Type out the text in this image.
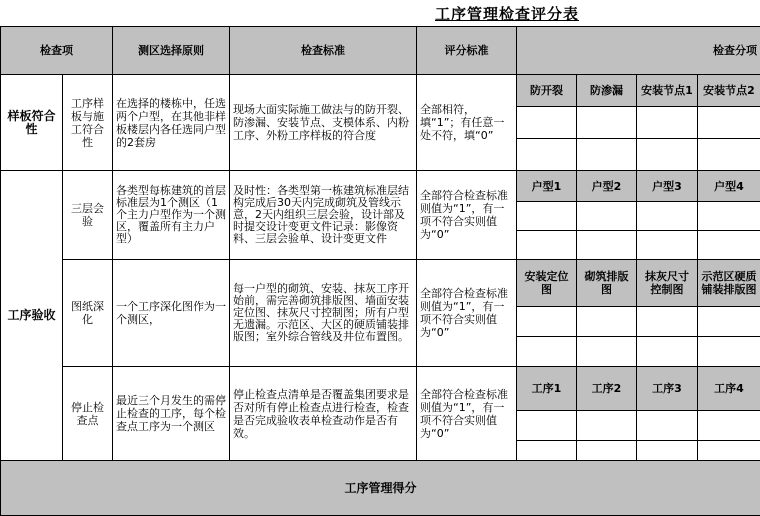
工序管理检查评分表
检查项		测区选择原则	检查标准	评分标准	检查分项			
样板符合性	工序样板与施工符合性	在选择的楼栋中，任选两个户型，在其他非样板楼层内各任选同户型的2套房	现场大面实际施工做法与的防开裂、防渗漏、安装节点、支模体系、内粉工序、外粉工序样板的符合度	全部相符，填“1”；有任意一处不符，填“0”	防开裂	防渗漏	安装节点1	安装节点2

工序验收	三层会验	各类型每栋建筑的首层标准层为1个测区（1个主力户型作为一个测区，覆盖所有主力户型）	及时性：各类型第一栋建筑标准层结构完成后30天内完成砌筑及管线示意，2天内组织三层会验，设计部及时提交设计变更文件记录：影像资料、三层会验单、设计变更文件	全部符合检查标准则值为“1”，有一项不符合实则值为“0”	户型1	户型2	户型3	户型4

	图纸深化	一个工序深化图作为一个测区，	每一户型的砌筑、安装、抹灰工序开始前，需完善砌筑排版图、墙面安装定位图、抹灰尺寸控制图；所有户型无遗漏。示范区、大区的硬质铺装排版图；室外综合管线及井位布置图。	全部符合检查标准则值为“1”，有一项不符合实则值为“0”	安装定位图	砌筑排版图	抹灰尺寸控制图	示范区硬质铺装排版图

	停止检查点	最近三个月发生的需停止检查的工序，每个检查点工序为一个测区	停止检查点清单是否覆盖集团要求是否对所有停止检查点进行检查，检查是否完成验收表单检查动作是否有效。	全部符合检查标准则值为“1”，有一项不符合实则值为“0”	工序1	工序2	工序3	工序4

工序管理得分								
